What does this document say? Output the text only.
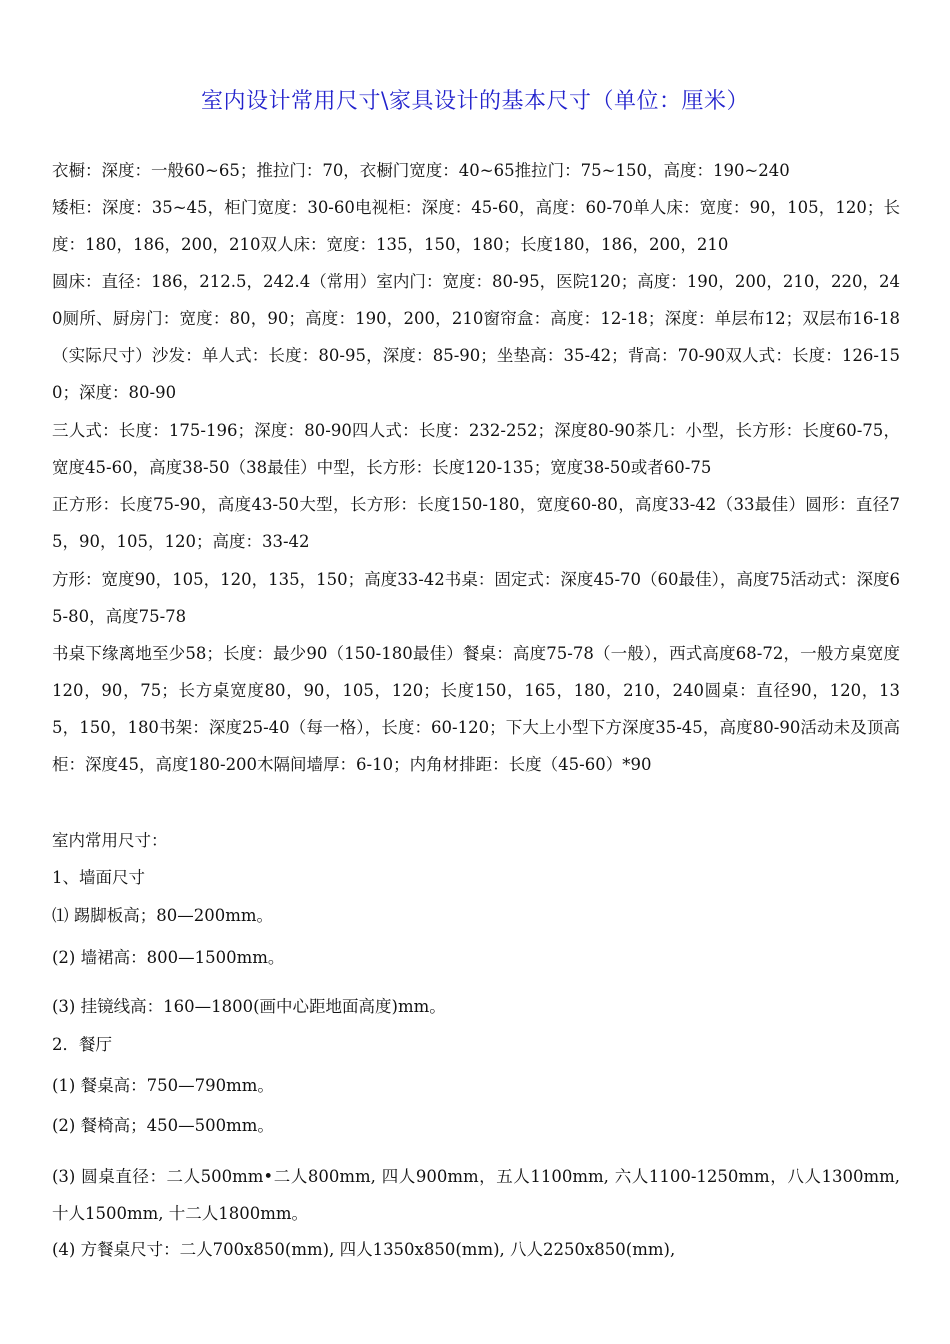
室内设计常用尺寸\家具设计的基本尺寸（单位：厘米）
衣橱：深度：一般60~65；推拉门：70，衣橱门宽度：40~65推拉门：75~150，高度：190~240
矮柜：深度：35~45，柜门宽度：30-60电视柜：深度：45-60，高度：60-70单人床：宽度：90，105，120；长度：180，186，200，210双人床：宽度：135，150，180；长度180，186，200，210
圆床：直径：186，212.5，242.4（常用）室内门：宽度：80-95，医院120；高度：190，200，210，220，240厕所、厨房门：宽度：80，90；高度：190，200，210窗帘盒：高度：12-18；深度：单层布12；双层布16-18（实际尺寸）沙发：单人式：长度：80-95，深度：85-90；坐垫高：35-42；背高：70-90双人式：长度：126-150；深度：80-90
三人式：长度：175-196；深度：80-90四人式：长度：232-252；深度80-90茶几：小型，长方形：长度60-75，宽度45-60，高度38-50（38最佳）中型，长方形：长度120-135；宽度38-50或者60-75
正方形：长度75-90，高度43-50大型，长方形：长度150-180，宽度60-80，高度33-42（33最佳）圆形：直径75，90，105，120；高度：33-42
方形：宽度90，105，120，135，150；高度33-42书桌：固定式：深度45-70（60最佳），高度75活动式：深度65-80，高度75-78
书桌下缘离地至少58；长度：最少90（150-180最佳）餐桌：高度75-78（一般），西式高度68-72，一般方桌宽度120，90，75；长方桌宽度80，90，105，120；长度150，165，180，210，240圆桌：直径90，120，135，150，180书架：深度25-40（每一格），长度：60-120；下大上小型下方深度35-45，高度80-90活动未及顶高柜：深度45，高度180-200木隔间墙厚：6-10；内角材排距：长度（45-60）*90
室内常用尺寸：
1、墙面尺寸
⑴ 踢脚板高；80—200mm。
(2) 墙裙高：800—1500mm。
(3) 挂镜线高：160—1800(画中心距地面高度)mm。
2．餐厅
(1) 餐桌高：750—790mm。
(2) 餐椅高；450—500mm。
(3) 圆桌直径：二人500mm•二人800mm, 四人900mm，五人1100mm, 六人1100-1250mm，八人1300mm, 十人1500mm, 十二人1800mm。
(4) 方餐桌尺寸：二人700x850(mm), 四人1350x850(mm), 八人2250x850(mm),
